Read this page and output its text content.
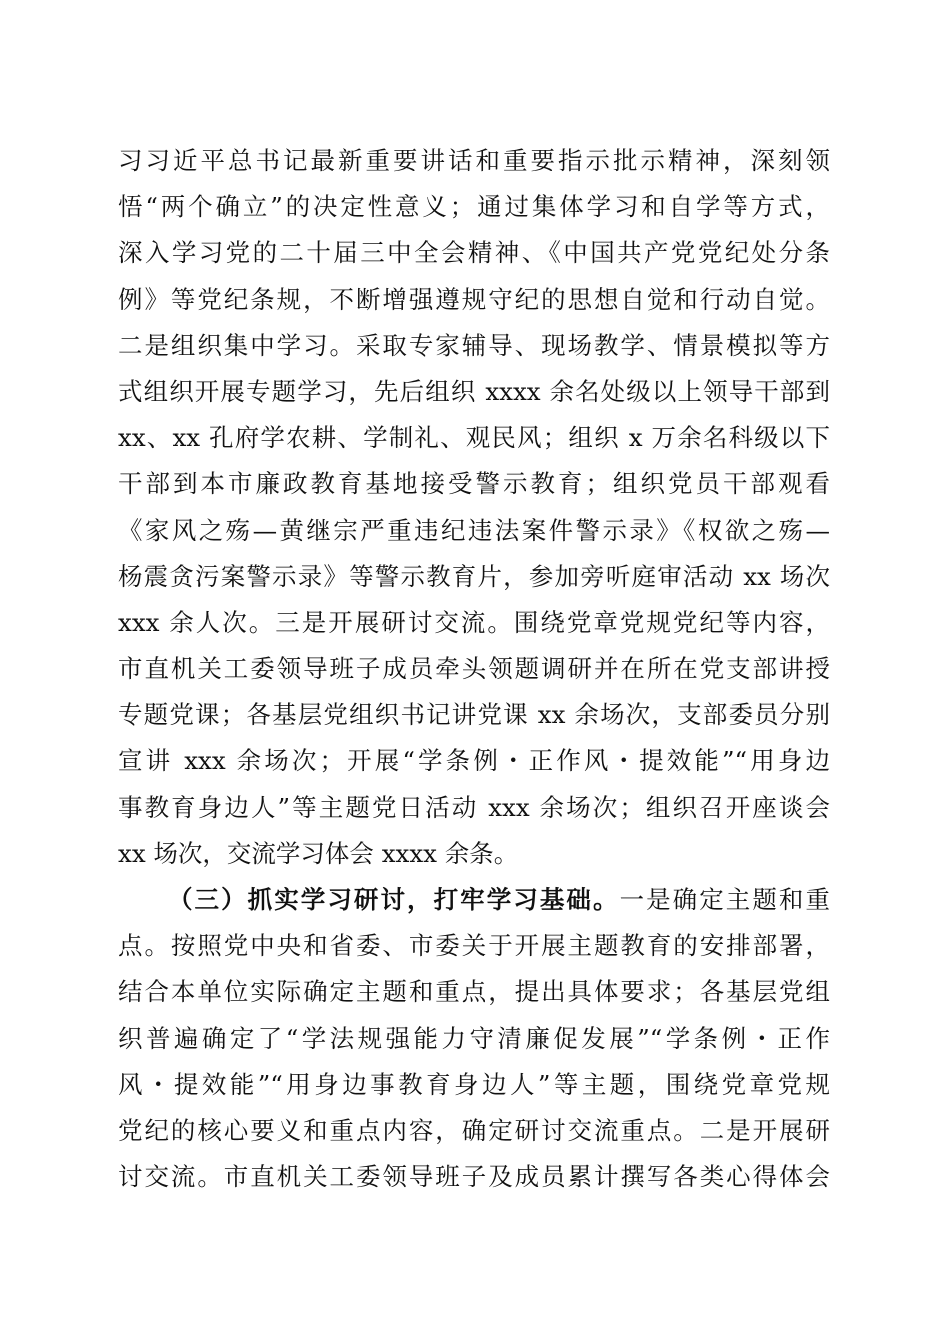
习习近平总书记最新重要讲话和重要指示批示精神，深刻领
悟“两个确立”的决定性意义；通过集体学习和自学等方式，
深入学习党的二十届三中全会精神、《中国共产党党纪处分条
例》等党纪条规，不断增强遵规守纪的思想自觉和行动自觉。
二是组织集中学习。采取专家辅导、现场教学、情景模拟等方
式组织开展专题学习，先后组织 xxxx 余名处级以上领导干部到
xx、xx 孔府学农耕、学制礼、观民风；组织 x 万余名科级以下
干部到本市廉政教育基地接受警示教育；组织党员干部观看
《家风之殇—黄继宗严重违纪违法案件警示录》《权欲之殇—
杨震贪污案警示录》等警示教育片，参加旁听庭审活动 xx 场次
xxx 余人次。三是开展研讨交流。围绕党章党规党纪等内容，
市直机关工委领导班子成员牵头领题调研并在所在党支部讲授
专题党课；各基层党组织书记讲党课 xx 余场次，支部委员分别
宣讲 xxx 余场次；开展“学条例・正作风・提效能”“用身边
事教育身边人”等主题党日活动 xxx 余场次；组织召开座谈会
xx 场次，交流学习体会 xxxx 余条。
（三）抓实学习研讨，打牢学习基础。一是确定主题和重
点。按照党中央和省委、市委关于开展主题教育的安排部署，
结合本单位实际确定主题和重点，提出具体要求；各基层党组
织普遍确定了“学法规强能力守清廉促发展”“学条例・正作
风・提效能”“用身边事教育身边人”等主题，围绕党章党规
党纪的核心要义和重点内容，确定研讨交流重点。二是开展研
讨交流。市直机关工委领导班子及成员累计撰写各类心得体会
